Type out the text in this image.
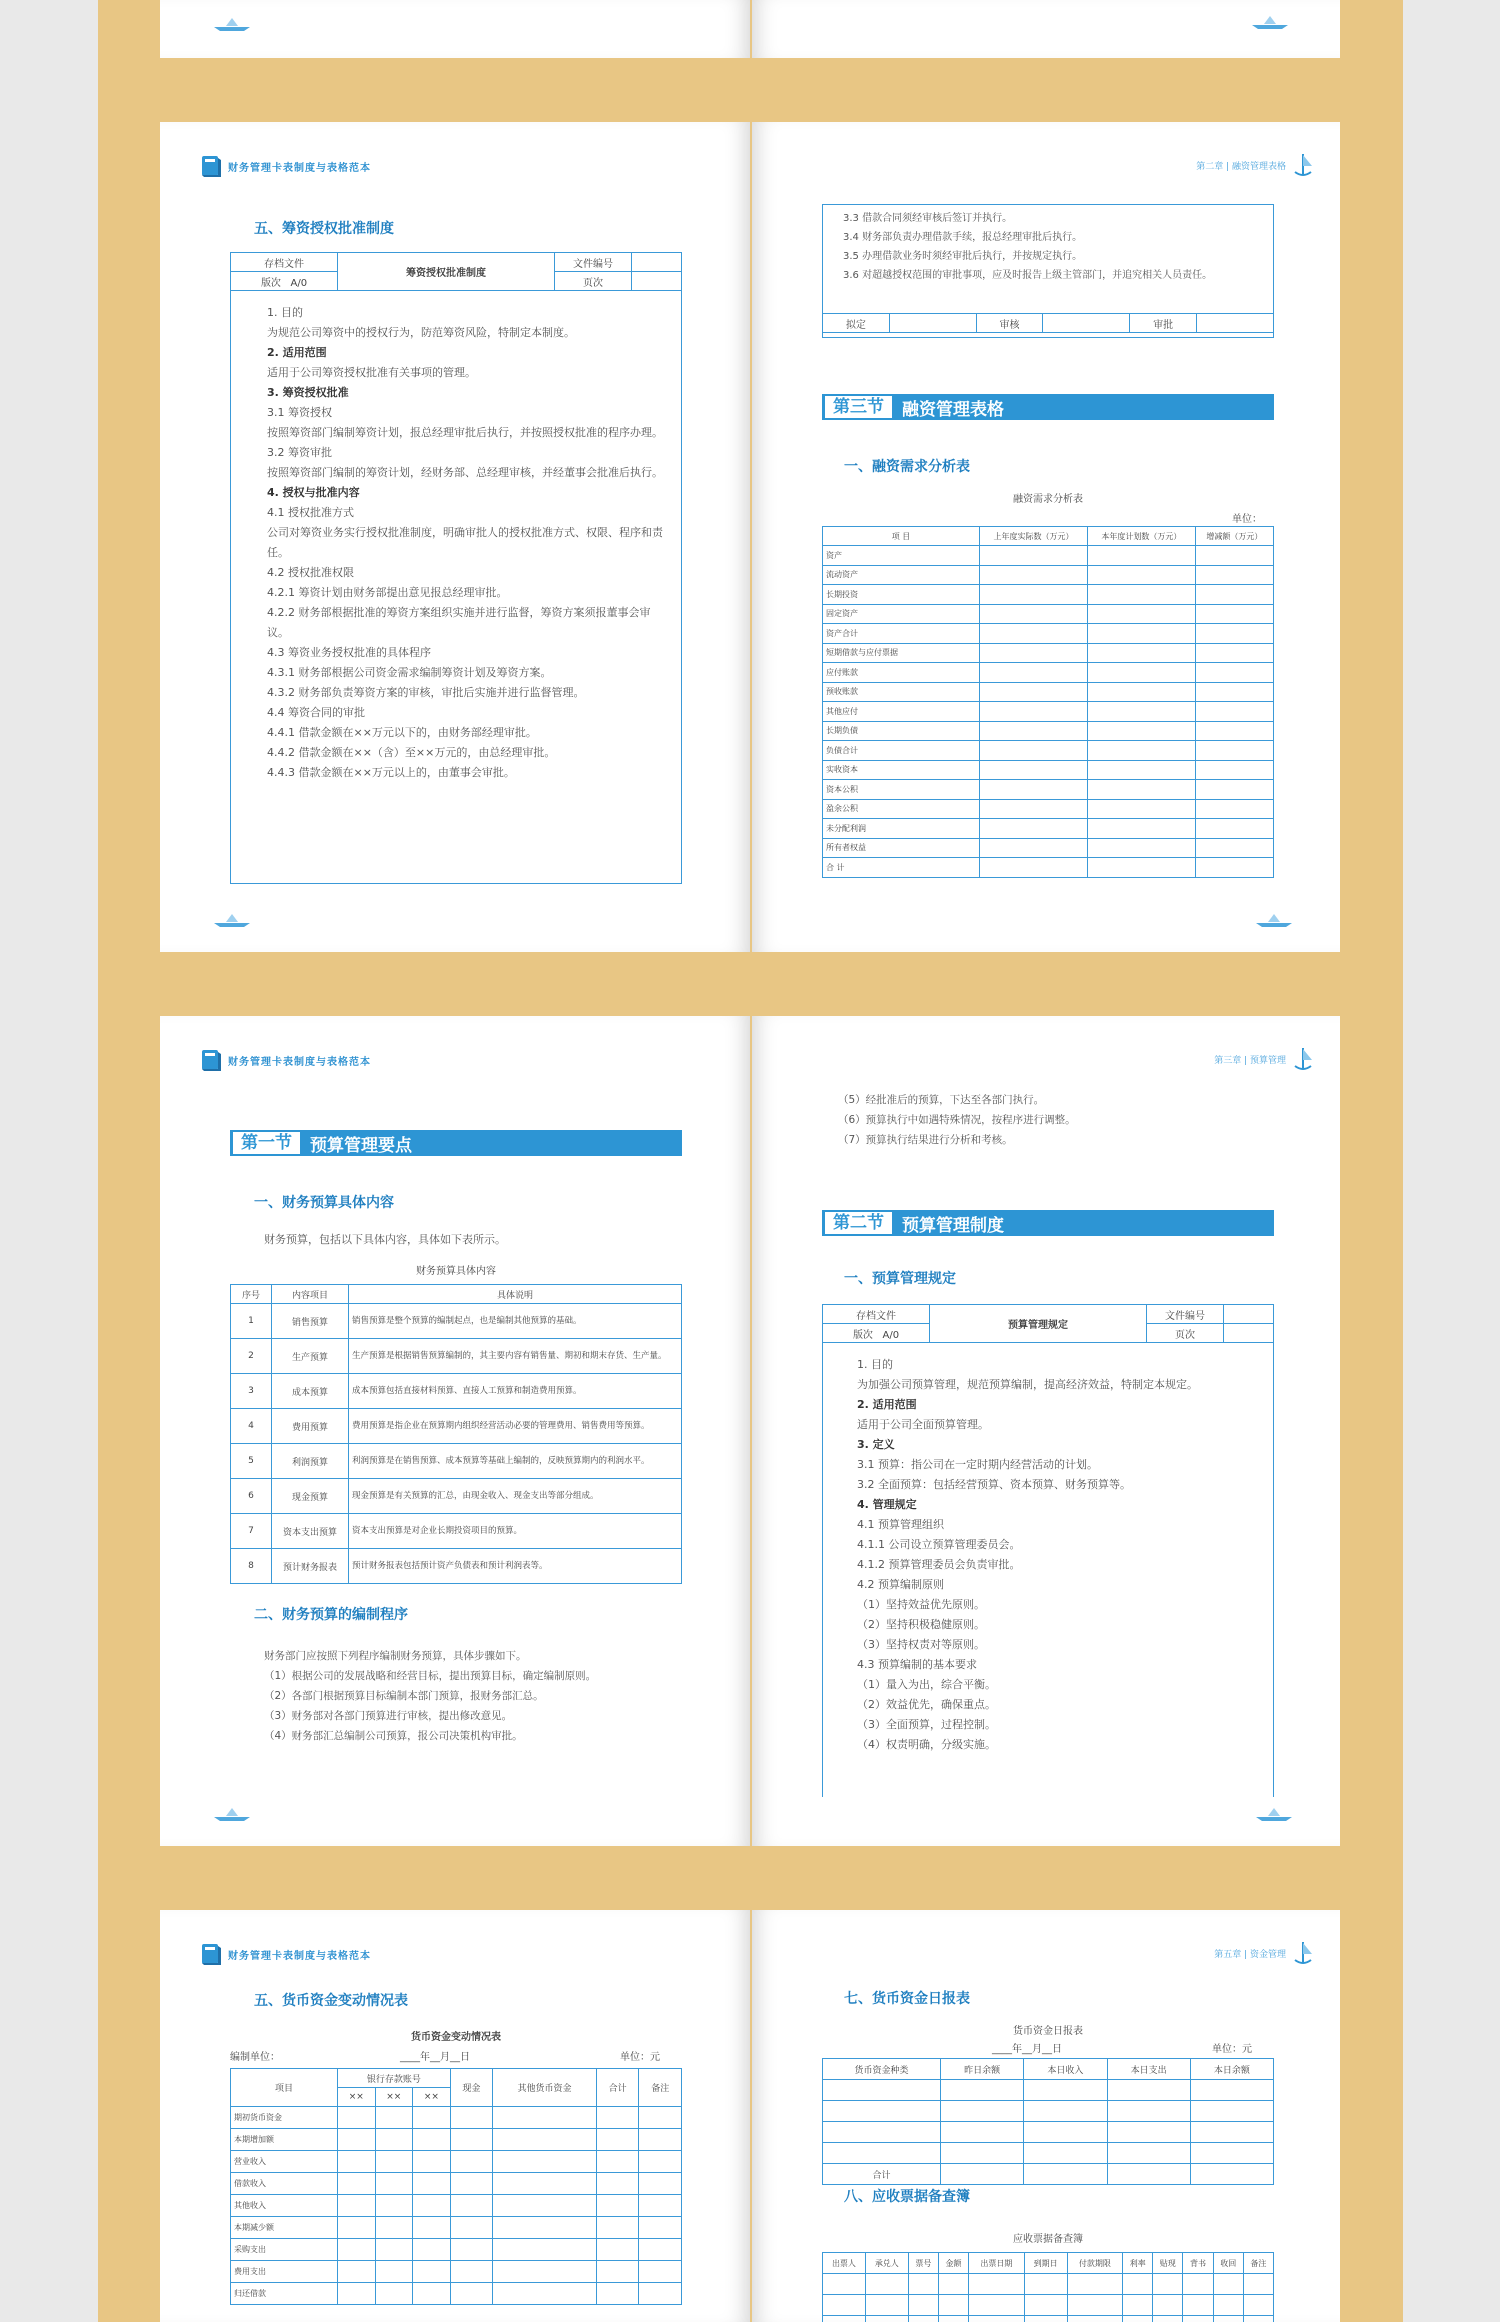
财务管理卡表制度与表格范本
五、筹资授权批准制度
存档文件	筹资授权批准制度	文件编号	
版次 A/0		页次	

1. 目的

为规范公司筹资中的授权行为，防范筹资风险，特制定本制度。

2. 适用范围

适用于公司筹资授权批准有关事项的管理。

3. 筹资授权批准

3.1 筹资授权

按照筹资部门编制筹资计划，报总经理审批后执行，并按照授权批准的程序办理。

3.2 筹资审批

按照筹资部门编制的筹资计划，经财务部、总经理审核，并经董事会批准后执行。

4. 授权与批准内容

4.1 授权批准方式

公司对筹资业务实行授权批准制度，明确审批人的授权批准方式、权限、程序和责任。

4.2 授权批准权限

4.2.1 筹资计划由财务部提出意见报总经理审批。

4.2.2 财务部根据批准的筹资方案组织实施并进行监督，筹资方案须报董事会审议。

4.3 筹资业务授权批准的具体程序

4.3.1 财务部根据公司资金需求编制筹资计划及筹资方案。

4.3.2 财务部负责筹资方案的审核，审批后实施并进行监督管理。

4.4 筹资合同的审批

4.4.1 借款金额在××万元以下的，由财务部经理审批。

4.4.2 借款金额在××（含）至××万元的，由总经理审批。

4.4.3 借款金额在××万元以上的，由董事会审批。

第二章 | 融资管理表格

3.3 借款合同须经审核后签订并执行。

3.4 财务部负责办理借款手续，报总经理审批后执行。

3.5 办理借款业务时须经审批后执行，并按规定执行。

3.6 对超越授权范围的审批事项，应及时报告上级主管部门，并追究相关人员责任。

拟定		审核		审批	
第三节	融资管理表格
一、融资需求分析表
融资需求分析表
单位：
项 目	上年度实际数（万元）	本年度计划数（万元）	增减额（万元）
资产			
流动资产			
长期投资			
固定资产			
资产合计			
短期借款与应付票据			
应付账款			
预收账款			
其他应付			
长期负债			
负债合计			
实收资本			
资本公积			
盈余公积			
未分配利润			
所有者权益			
合 计			
财务管理卡表制度与表格范本
第一节	预算管理要点
一、财务预算具体内容
财务预算，包括以下具体内容，具体如下表所示。
财务预算具体内容
序号	内容项目	具体说明
1	销售预算	销售预算是整个预算的编制起点，也是编制其他预算的基础。
2	生产预算	生产预算是根据销售预算编制的，其主要内容有销售量、期初和期末存货、生产量。
3	成本预算	成本预算包括直接材料预算、直接人工预算和制造费用预算。
4	费用预算	费用预算是指企业在预算期内组织经营活动必要的管理费用、销售费用等预算。
5	利润预算	利润预算是在销售预算、成本预算等基础上编制的，反映预算期内的利润水平。
6	现金预算	现金预算是有关预算的汇总，由现金收入、现金支出等部分组成。
7	资本支出预算	资本支出预算是对企业长期投资项目的预算。
8	预计财务报表	预计财务报表包括预计资产负债表和预计利润表等。
二、财务预算的编制程序

财务部门应按照下列程序编制财务预算，具体步骤如下。

（1）根据公司的发展战略和经营目标，提出预算目标，确定编制原则。

（2）各部门根据预算目标编制本部门预算，报财务部汇总。

（3）财务部对各部门预算进行审核，提出修改意见。

（4）财务部汇总编制公司预算，报公司决策机构审批。

第三章 | 预算管理

（5）经批准后的预算，下达至各部门执行。

（6）预算执行中如遇特殊情况，按程序进行调整。

（7）预算执行结果进行分析和考核。

第二节	预算管理制度
一、预算管理规定
存档文件	预算管理规定	文件编号	
版次 A/0		页次	

1. 目的

为加强公司预算管理，规范预算编制，提高经济效益，特制定本规定。

2. 适用范围

适用于公司全面预算管理。

3. 定义

3.1 预算：指公司在一定时期内经营活动的计划。

3.2 全面预算：包括经营预算、资本预算、财务预算等。

4. 管理规定

4.1 预算管理组织

4.1.1 公司设立预算管理委员会。

4.1.2 预算管理委员会负责审批。

4.2 预算编制原则

（1）坚持效益优先原则。

（2）坚持积极稳健原则。

（3）坚持权责对等原则。

4.3 预算编制的基本要求

（1）量入为出，综合平衡。

（2）效益优先，确保重点。

（3）全面预算，过程控制。

（4）权责明确，分级实施。

财务管理卡表制度与表格范本
五、货币资金变动情况表
货币资金变动情况表
编制单位：	____年__月__日	单位：元
项目	银行存款账号			现金	其他货币资金	合计	备注
	××	××	××				
期初货币资金							
本期增加额							
营业收入							
借款收入							
其他收入							
本期减少额							
采购支出							
费用支出							
归还借款							
第五章 | 资金管理
七、货币资金日报表
货币资金日报表
____年__月__日	单位：元
货币资金种类	昨日余额	本日收入	本日支出	本日余额

合计				
八、应收票据备查簿
应收票据备查簿
出票人	承兑人	票号	金额	出票日期	到期日	付款期限	利率	贴现	背书	收回	备注
